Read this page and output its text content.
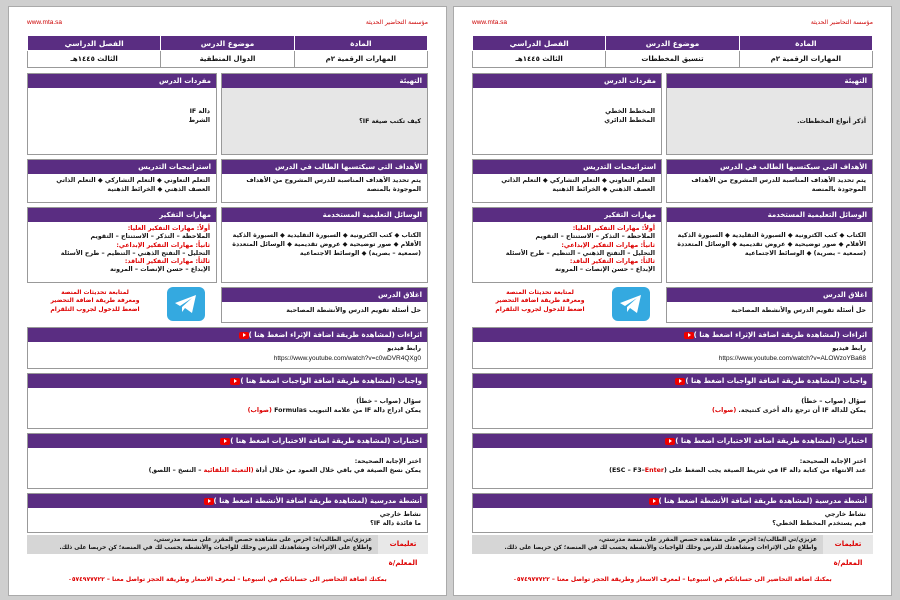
www.mta.sa	مؤسسة التحاضير الحديثة
المادة	موضوع الدرس	الفصل الدراسي
المهارات الرقمية ٢م	الدوال المنطقية	الثالث ١٤٤٥هـ
التهيئة
كيف تكتب صيغة IF؟
مفردات الدرس
دالة IF
الشرط
الأهداف التي سيكتسبها الطالب في الدرس
يتم تحديد الأهداف المناسبة للدرس المشروح من الأهداف الموجودة بالمنصة
استراتيجيات التدريس
التعلم التعاوني ◆ التعلم التشاركي ◆ التعلم الذاتي
العصف الذهني ◆ الخرائط الذهنية
الوسائل التعليمية المستخدمة
الكتاب ◆ كتب الكترونية ◆ السبورة التقليدية ◆ السبورة الذكية
الأقلام ◆ صور توضيحية ◆ عروض تقديمية ◆ الوسائل المتعددة
(سمعية – بصرية) ◆ الوسائط الاجتماعية
مهارات التفكير
أولاً: مهارات التفكير العليا:
الملاحظة – التذكر – الاستنتاج – التقويم
ثانياً: مهارات التفكير الإبداعي:
التحليل – التفتح الذهني – التنظيم – طرح الأسئلة
ثالثاً: مهارات التفكير الناقد:
الإبداع – حسن الإنصات – المرونة
اغلاق الدرس
حل أسئلة تقويم الدرس والأنشطة المصاحبة
لمتابعة تحديثات المنصة
ومعرفة طريقة اضافة التحضير
اضغط للدخول لجروب التلقرام
اثراءات (لمشاهدة طريقة اضافة الإثراء اضغط هنا )
رابط فيديو
https://www.youtube.com/watch?v=c0wDVR4QXg0
واجبات (لمشاهدة طريقة اضافة الواجبات اضغط هنا )
سؤال (صواب – خطأ)
يمكن ادراج دالة IF من علامة التبويب Formulas (صواب)
اختبارات (لمشاهدة طريقة اضافة الاختبارات اضغط هنا )
اختر الإجابة الصحيحة:
يمكن نسخ الصيغة في باقي خلال العمود من خلال أداة (التعبئة التلقائية – النسخ – اللصق)
أنشطة مدرسية (لمشاهدة طريقة اضافة الأنشطة اضغط هنا )
نشاط خارجي
ما فائدة دالة IF؟
تعليمات المعلم/ة
عزيزي/تي الطالب/ة: احرص على مشاهدة حصص المقرر على منصة مدرستي،
واطلاع على الإثراءات ومشاهدتك للدرس وحلك للواجبات والأنشطة يحسب لك في المنصة؛ كن حريصا على ذلك.
بمكنك اضافة التحاضير الى حساباتكم في اسبوعيا – لمعرف الاسعار وطريقة الحجز تواصل معنا – ٠٥٧٤٩٧٧٧٢٢
www.mta.sa	مؤسسة التحاضير الحديثة
المادة	موضوع الدرس	الفصل الدراسي
المهارات الرقمية ٢م	تنسيق المخططات	الثالث ١٤٤٥هـ
التهيئة
أذكر أنواع المخططات.
مفردات الدرس
المخطط الخطي
المخطط الدائري
الأهداف التي سيكتسبها الطالب في الدرس
يتم تحديد الأهداف المناسبة للدرس المشروح من الأهداف الموجودة بالمنصة
استراتيجيات التدريس
التعلم التعاوني ◆ التعلم التشاركي ◆ التعلم الذاتي
العصف الذهني ◆ الخرائط الذهنية
الوسائل التعليمية المستخدمة
الكتاب ◆ كتب الكترونية ◆ السبورة التقليدية ◆ السبورة الذكية
الأقلام ◆ صور توضيحية ◆ عروض تقديمية ◆ الوسائل المتعددة
(سمعية – بصرية) ◆ الوسائط الاجتماعية
مهارات التفكير
أولاً: مهارات التفكير العليا:
الملاحظة – التذكر – الاستنتاج – التقويم
ثانياً: مهارات التفكير الإبداعي:
التحليل – التفتح الذهني – التنظيم – طرح الأسئلة
ثالثاً: مهارات التفكير الناقد:
الإبداع – حسن الإنصات – المرونة
اغلاق الدرس
حل أسئلة تقويم الدرس والأنشطة المصاحبة
لمتابعة تحديثات المنصة
ومعرفة طريقة اضافة التحضير
اضغط للدخول لجروب التلقرام
اثراءات (لمشاهدة طريقة اضافة الإثراء اضغط هنا )
رابط فيديو
https://www.youtube.com/watch?v=ALOWzoYBa68
واجبات (لمشاهدة طريقة اضافة الواجبات اضغط هنا )
سؤال (صواب – خطأ)
يمكن للدالة IF أن ترجع دالة أخرى كنتيجة. (صواب)
اختبارات (لمشاهدة طريقة اضافة الاختبارات اضغط هنا )
اختر الإجابة الصحيحة:
عند الانتهاء من كتابة دالة IF في شريط الصيغة يجب الضغط على (ESC – F3–Enter)
أنشطة مدرسية (لمشاهدة طريقة اضافة الأنشطة اضغط هنا )
نشاط خارجي
فيم يستخدم المخطط الخطي؟
تعليمات المعلم/ة
عزيزي/تي الطالب/ة: احرص على مشاهدة حصص المقرر على منصة مدرستي،
واطلاع على الإثراءات ومشاهدتك للدرس وحلك للواجبات والأنشطة يحسب لك في المنصة؛ كن حريصا على ذلك.
بمكنك اضافة التحاضير الى حساباتكم في اسبوعيا – لمعرف الاسعار وطريقة الحجز تواصل معنا – ٠٥٧٤٩٧٧٧٢٢
